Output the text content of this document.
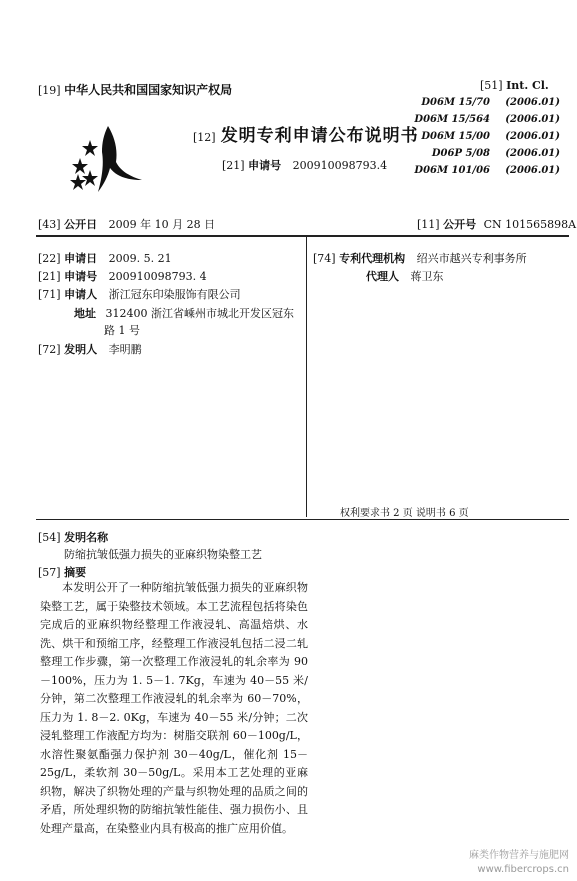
[19] 中华人民共和国国家知识产权局
[12] 发明专利申请公布说明书
[21] 申请号 200910098793.4
[51] Int. Cl.
D06M 15/70 (2006.01)
D06M 15/564 (2006.01)
D06M 15/00 (2006.01)
D06P 5/08 (2006.01)
D06M 101/06 (2006.01)
[43] 公开日 2009 年 10 月 28 日	[11] 公开号 CN 101565898A
[22] 申请日 2009. 5. 21
[21] 申请号 200910098793. 4
[71] 申请人 浙江冠东印染服饰有限公司
地址 312400 浙江省嵊州市城北开发区冠东
路 1 号
[72] 发明人 李明鹏
[74] 专利代理机构 绍兴市越兴专利事务所
代理人 蒋卫东
权利要求书 2 页 说明书 6 页
[54] 发明名称
防缩抗皱低强力损失的亚麻织物染整工艺
[57] 摘要
本发明公开了一种防缩抗皱低强力损失的亚麻织物染整工艺，属于染整技术领域。本工艺流程包括将染色完成后的亚麻织物经整理工作液浸轧、高温焙烘、水洗、烘干和预缩工序，经整理工作液浸轧包括二浸二轧整理工作步骤，第一次整理工作液浸轧的轧余率为 90－100%，压力为 1. 5－1. 7Kg，车速为 40－55 米/分钟，第二次整理工作液浸轧的轧余率为 60－70%，压力为 1. 8－2. 0Kg，车速为 40－55 米/分钟；二次浸轧整理工作液配方均为：树脂交联剂 60－100g/L，水溶性聚氨酯强力保护剂 30－40g/L，催化剂 15－25g/L，柔软剂 30－50g/L。采用本工艺处理的亚麻织物，解决了织物处理的产量与织物处理的品质之间的矛盾，所处理织物的防缩抗皱性能佳、强力损伤小、且处理产量高，在染整业内具有极高的推广应用价值。
麻类作物营养与施肥网
www.fibercrops.cn
